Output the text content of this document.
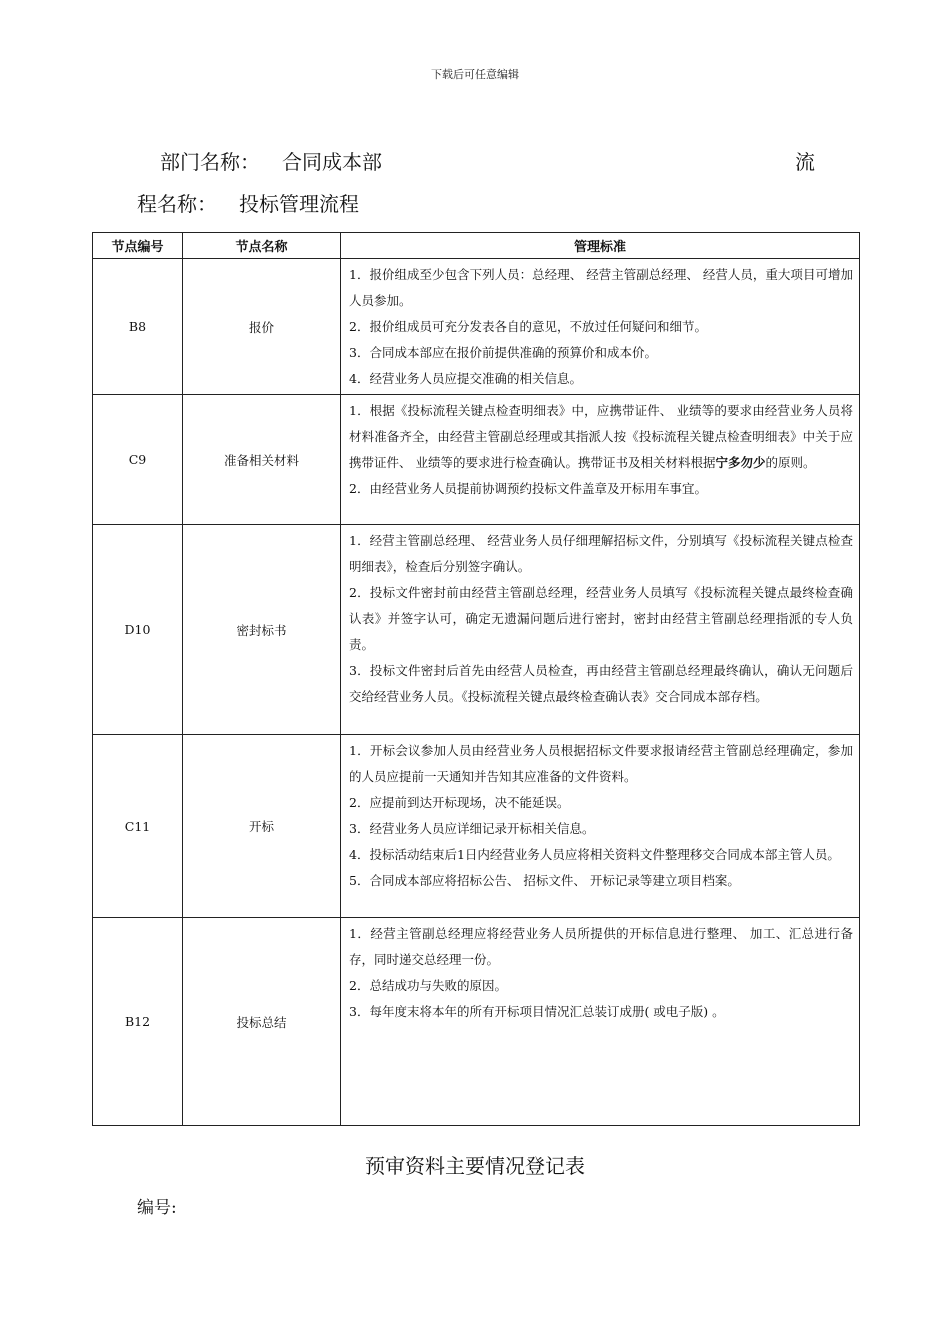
下载后可任意编辑
部门名称： 合同成本部	流
程名称： 投标管理流程
节点编号	节点名称	管理标准
B8	报价	1．报价组成至少包含下列人员：总经理、 经营主管副总经理、 经营人员，重大项目可增加人员参加。

2．报价组成员可充分发表各自的意见，不放过任何疑问和细节。

3．合同成本部应在报价前提供准确的预算价和成本价。

4．经营业务人员应提交准确的相关信息。

C9	准备相关材料	1．根据《投标流程关键点检查明细表》中，应携带证件、 业绩等的要求由经营业务人员将材料准备齐全，由经营主管副总经理或其指派人按《投标流程关键点检查明细表》中关于应携带证件、 业绩等的要求进行检查确认。携带证书及相关材料根据宁多勿少的原则。

2．由经营业务人员提前协调预约投标文件盖章及开标用车事宜。

D10	密封标书	1．经营主管副总经理、 经营业务人员仔细理解招标文件，分别填写《投标流程关键点检查明细表》，检查后分别签字确认。

2．投标文件密封前由经营主管副总经理，经营业务人员填写《投标流程关键点最终检查确认表》并签字认可，确定无遗漏问题后进行密封，密封由经营主管副总经理指派的专人负责。

3．投标文件密封后首先由经营人员检查，再由经营主管副总经理最终确认，确认无问题后交给经营业务人员。《投标流程关键点最终检查确认表》交合同成本部存档。

C11	开标	1．开标会议参加人员由经营业务人员根据招标文件要求报请经营主管副总经理确定，参加的人员应提前一天通知并告知其应准备的文件资料。

2．应提前到达开标现场，决不能延误。

3．经营业务人员应详细记录开标相关信息。

4．投标活动结束后1日内经营业务人员应将相关资料文件整理移交合同成本部主管人员。

5．合同成本部应将招标公告、 招标文件、 开标记录等建立项目档案。

B12	投标总结	1．经营主管副总经理应将经营业务人员所提供的开标信息进行整理、 加工、汇总进行备存，同时递交总经理一份。

2．总结成功与失败的原因。

3．每年度末将本年的所有开标项目情况汇总装订成册( 或电子版) 。

预审资料主要情况登记表
编号:
